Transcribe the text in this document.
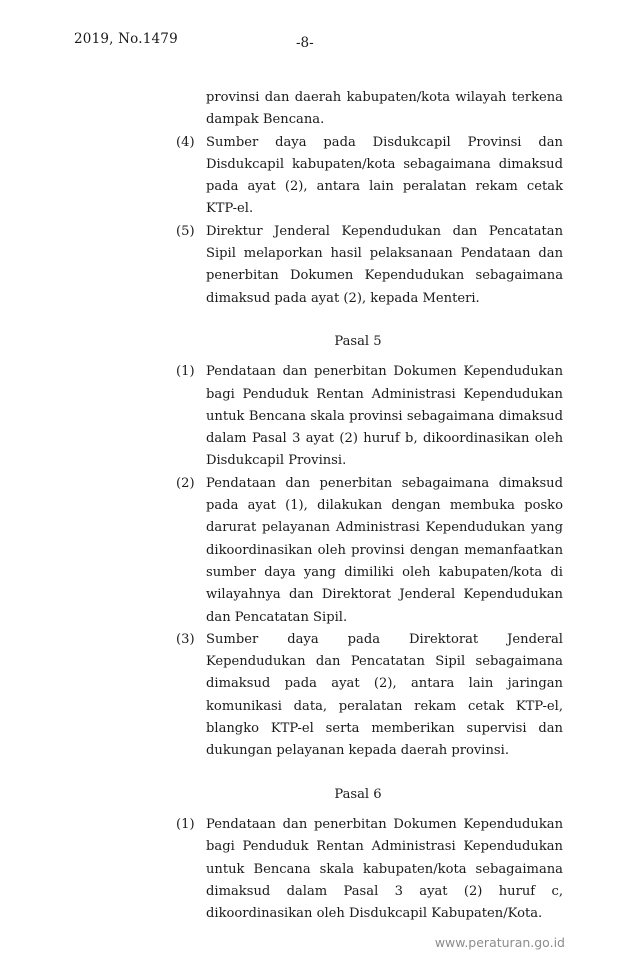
2019, No.1479	-8-
provinsi dan daerah kabupaten/kota wilayah terkena dampak Bencana.
(4) Sumber daya pada Disdukcapil Provinsi dan Disdukcapil kabupaten/kota sebagaimana dimaksud pada ayat (2), antara lain peralatan rekam cetak KTP-el.
(5) Direktur Jenderal Kependudukan dan Pencatatan Sipil melaporkan hasil pelaksanaan Pendataan dan penerbitan Dokumen Kependudukan sebagaimana dimaksud pada ayat (2), kepada Menteri.
Pasal 5
(1) Pendataan dan penerbitan Dokumen Kependudukan bagi Penduduk Rentan Administrasi Kependudukan untuk Bencana skala provinsi sebagaimana dimaksud dalam Pasal 3 ayat (2) huruf b, dikoordinasikan oleh Disdukcapil Provinsi.
(2) Pendataan dan penerbitan sebagaimana dimaksud pada ayat (1), dilakukan dengan membuka posko darurat pelayanan Administrasi Kependudukan yang dikoordinasikan oleh provinsi dengan memanfaatkan sumber daya yang dimiliki oleh kabupaten/kota di wilayahnya dan Direktorat Jenderal Kependudukan dan Pencatatan Sipil.
(3) Sumber daya pada Direktorat Jenderal Kependudukan dan Pencatatan Sipil sebagaimana dimaksud pada ayat (2), antara lain jaringan komunikasi data, peralatan rekam cetak KTP-el, blangko KTP-el serta memberikan supervisi dan dukungan pelayanan kepada daerah provinsi.
Pasal 6
(1) Pendataan dan penerbitan Dokumen Kependudukan bagi Penduduk Rentan Administrasi Kependudukan untuk Bencana skala kabupaten/kota sebagaimana dimaksud dalam Pasal 3 ayat (2) huruf c, dikoordinasikan oleh Disdukcapil Kabupaten/Kota.
www.peraturan.go.id
